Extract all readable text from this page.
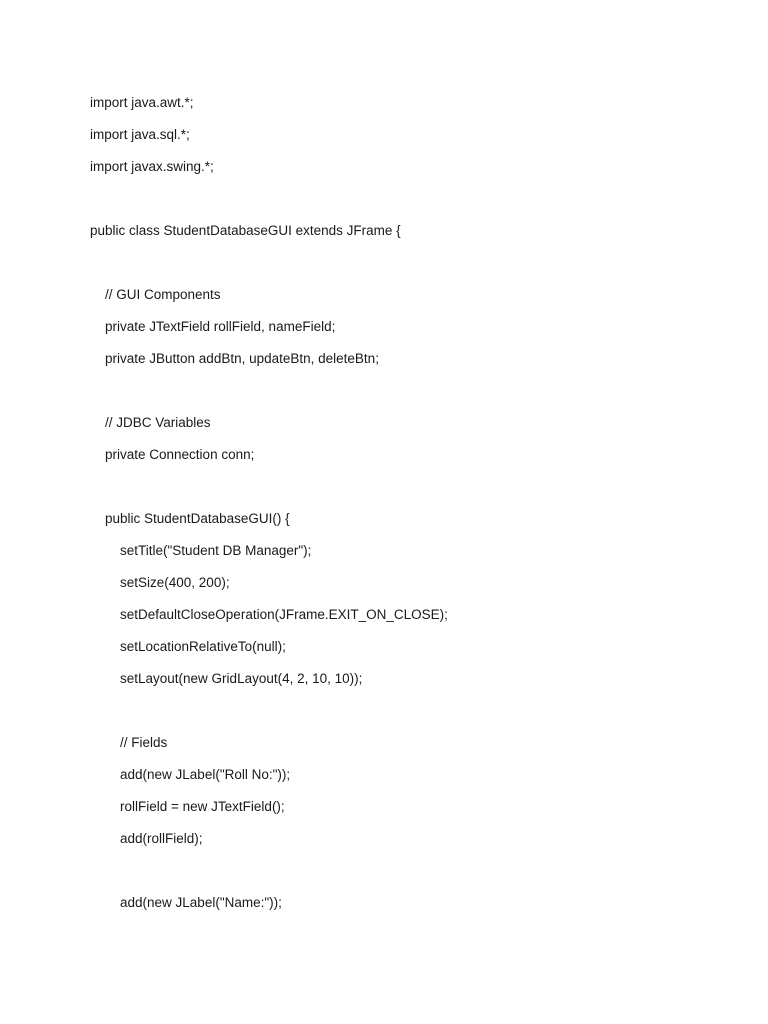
import java.awt.*;
import java.sql.*;
import javax.swing.*;
public class StudentDatabaseGUI extends JFrame {
// GUI Components
private JTextField rollField, nameField;
private JButton addBtn, updateBtn, deleteBtn;
// JDBC Variables
private Connection conn;
public StudentDatabaseGUI() {
setTitle("Student DB Manager");
setSize(400, 200);
setDefaultCloseOperation(JFrame.EXIT_ON_CLOSE);
setLocationRelativeTo(null);
setLayout(new GridLayout(4, 2, 10, 10));
// Fields
add(new JLabel("Roll No:"));
rollField = new JTextField();
add(rollField);
add(new JLabel("Name:"));
